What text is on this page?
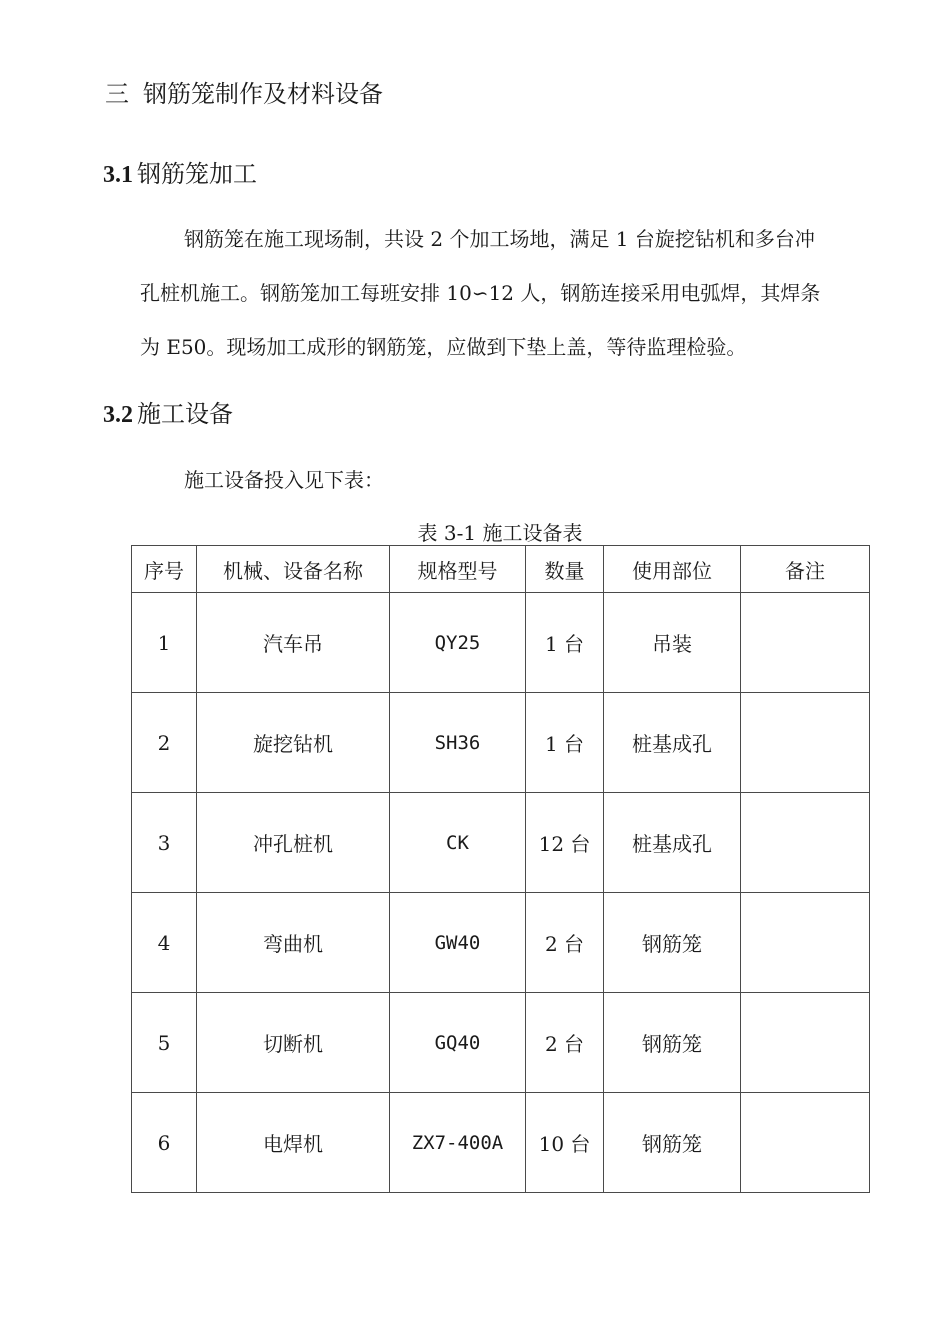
三 钢筋笼制作及材料设备
3.1 钢筋笼加工

钢筋笼在施工现场制，共设 2 个加工场地，满足 1 台旋挖钻机和多台冲
孔桩机施工。钢筋笼加工每班安排 10∽12 人，钢筋连接采用电弧焊，其焊条
为 E50。现场加工成形的钢筋笼，应做到下垫上盖，等待监理检验。

3.2 施工设备

施工设备投入见下表：

表 3-1 施工设备表
序号	机械、设备名称	规格型号	数量	使用部位	备注
1	汽车吊	QY25	1 台	吊装	
2	旋挖钻机	SH36	1 台	桩基成孔	
3	冲孔桩机	CK	12 台	桩基成孔	
4	弯曲机	GW40	2 台	钢筋笼	
5	切断机	GQ40	2 台	钢筋笼	
6	电焊机	ZX7-400A	10 台	钢筋笼	
